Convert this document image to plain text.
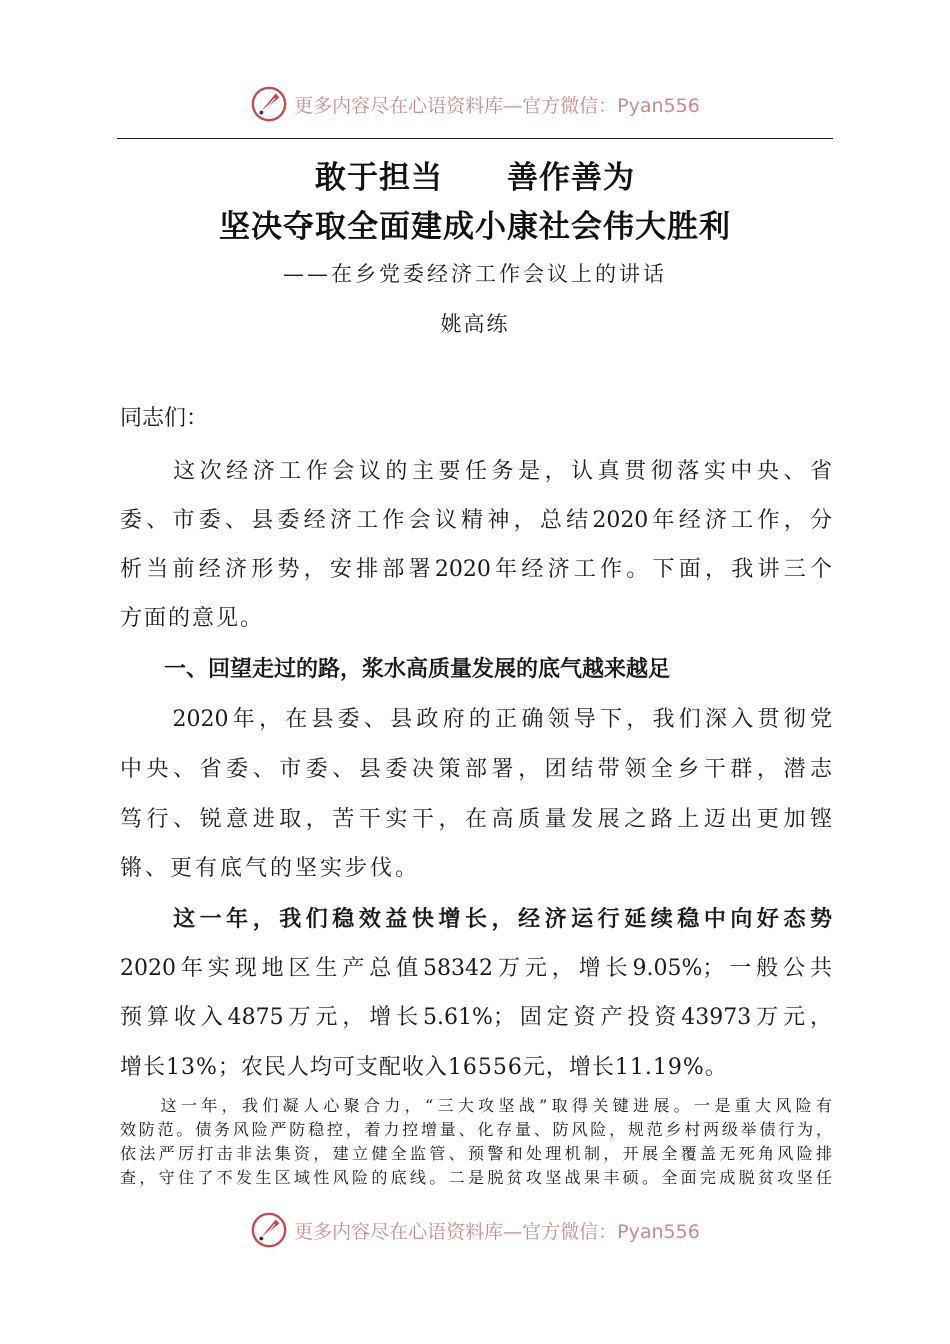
更多内容尽在心语资料库—官方微信：Pyan556
敢于担当　　善作善为
坚决夺取全面建成小康社会伟大胜利
——在乡党委经济工作会议上的讲话
姚高练
同志们：
　　这次经济工作会议的主要任务是，认真贯彻落实中央、省
委、市委、县委经济工作会议精神，总结2020年经济工作，分
析当前经济形势，安排部署2020年经济工作。下面，我讲三个
方面的意见。
　　一、回望走过的路，浆水高质量发展的底气越来越足
　　2020年，在县委、县政府的正确领导下，我们深入贯彻党
中央、省委、市委、县委决策部署，团结带领全乡干群，潜志
笃行、锐意进取，苦干实干，在高质量发展之路上迈出更加铿
锵、更有底气的坚实步伐。
　　这一年，我们稳效益快增长，经济运行延续稳中向好态势
2020年实现地区生产总值58342万元，增长9.05%；一般公共
预算收入4875万元，增长5.61%；固定资产投资43973万元，
增长13%；农民人均可支配收入16556元，增长11.19%。
　　这一年，我们凝人心聚合力，“三大攻坚战”取得关键进展。一是重大风险有
效防范。债务风险严防稳控，着力控增量、化存量、防风险，规范乡村两级举债行为，
依法严厉打击非法集资，建立健全监管、预警和处理机制，开展全覆盖无死角风险排
查，守住了不发生区域性风险的底线。二是脱贫攻坚战果丰硕。全面完成脱贫攻坚任
更多内容尽在心语资料库—官方微信：Pyan556
